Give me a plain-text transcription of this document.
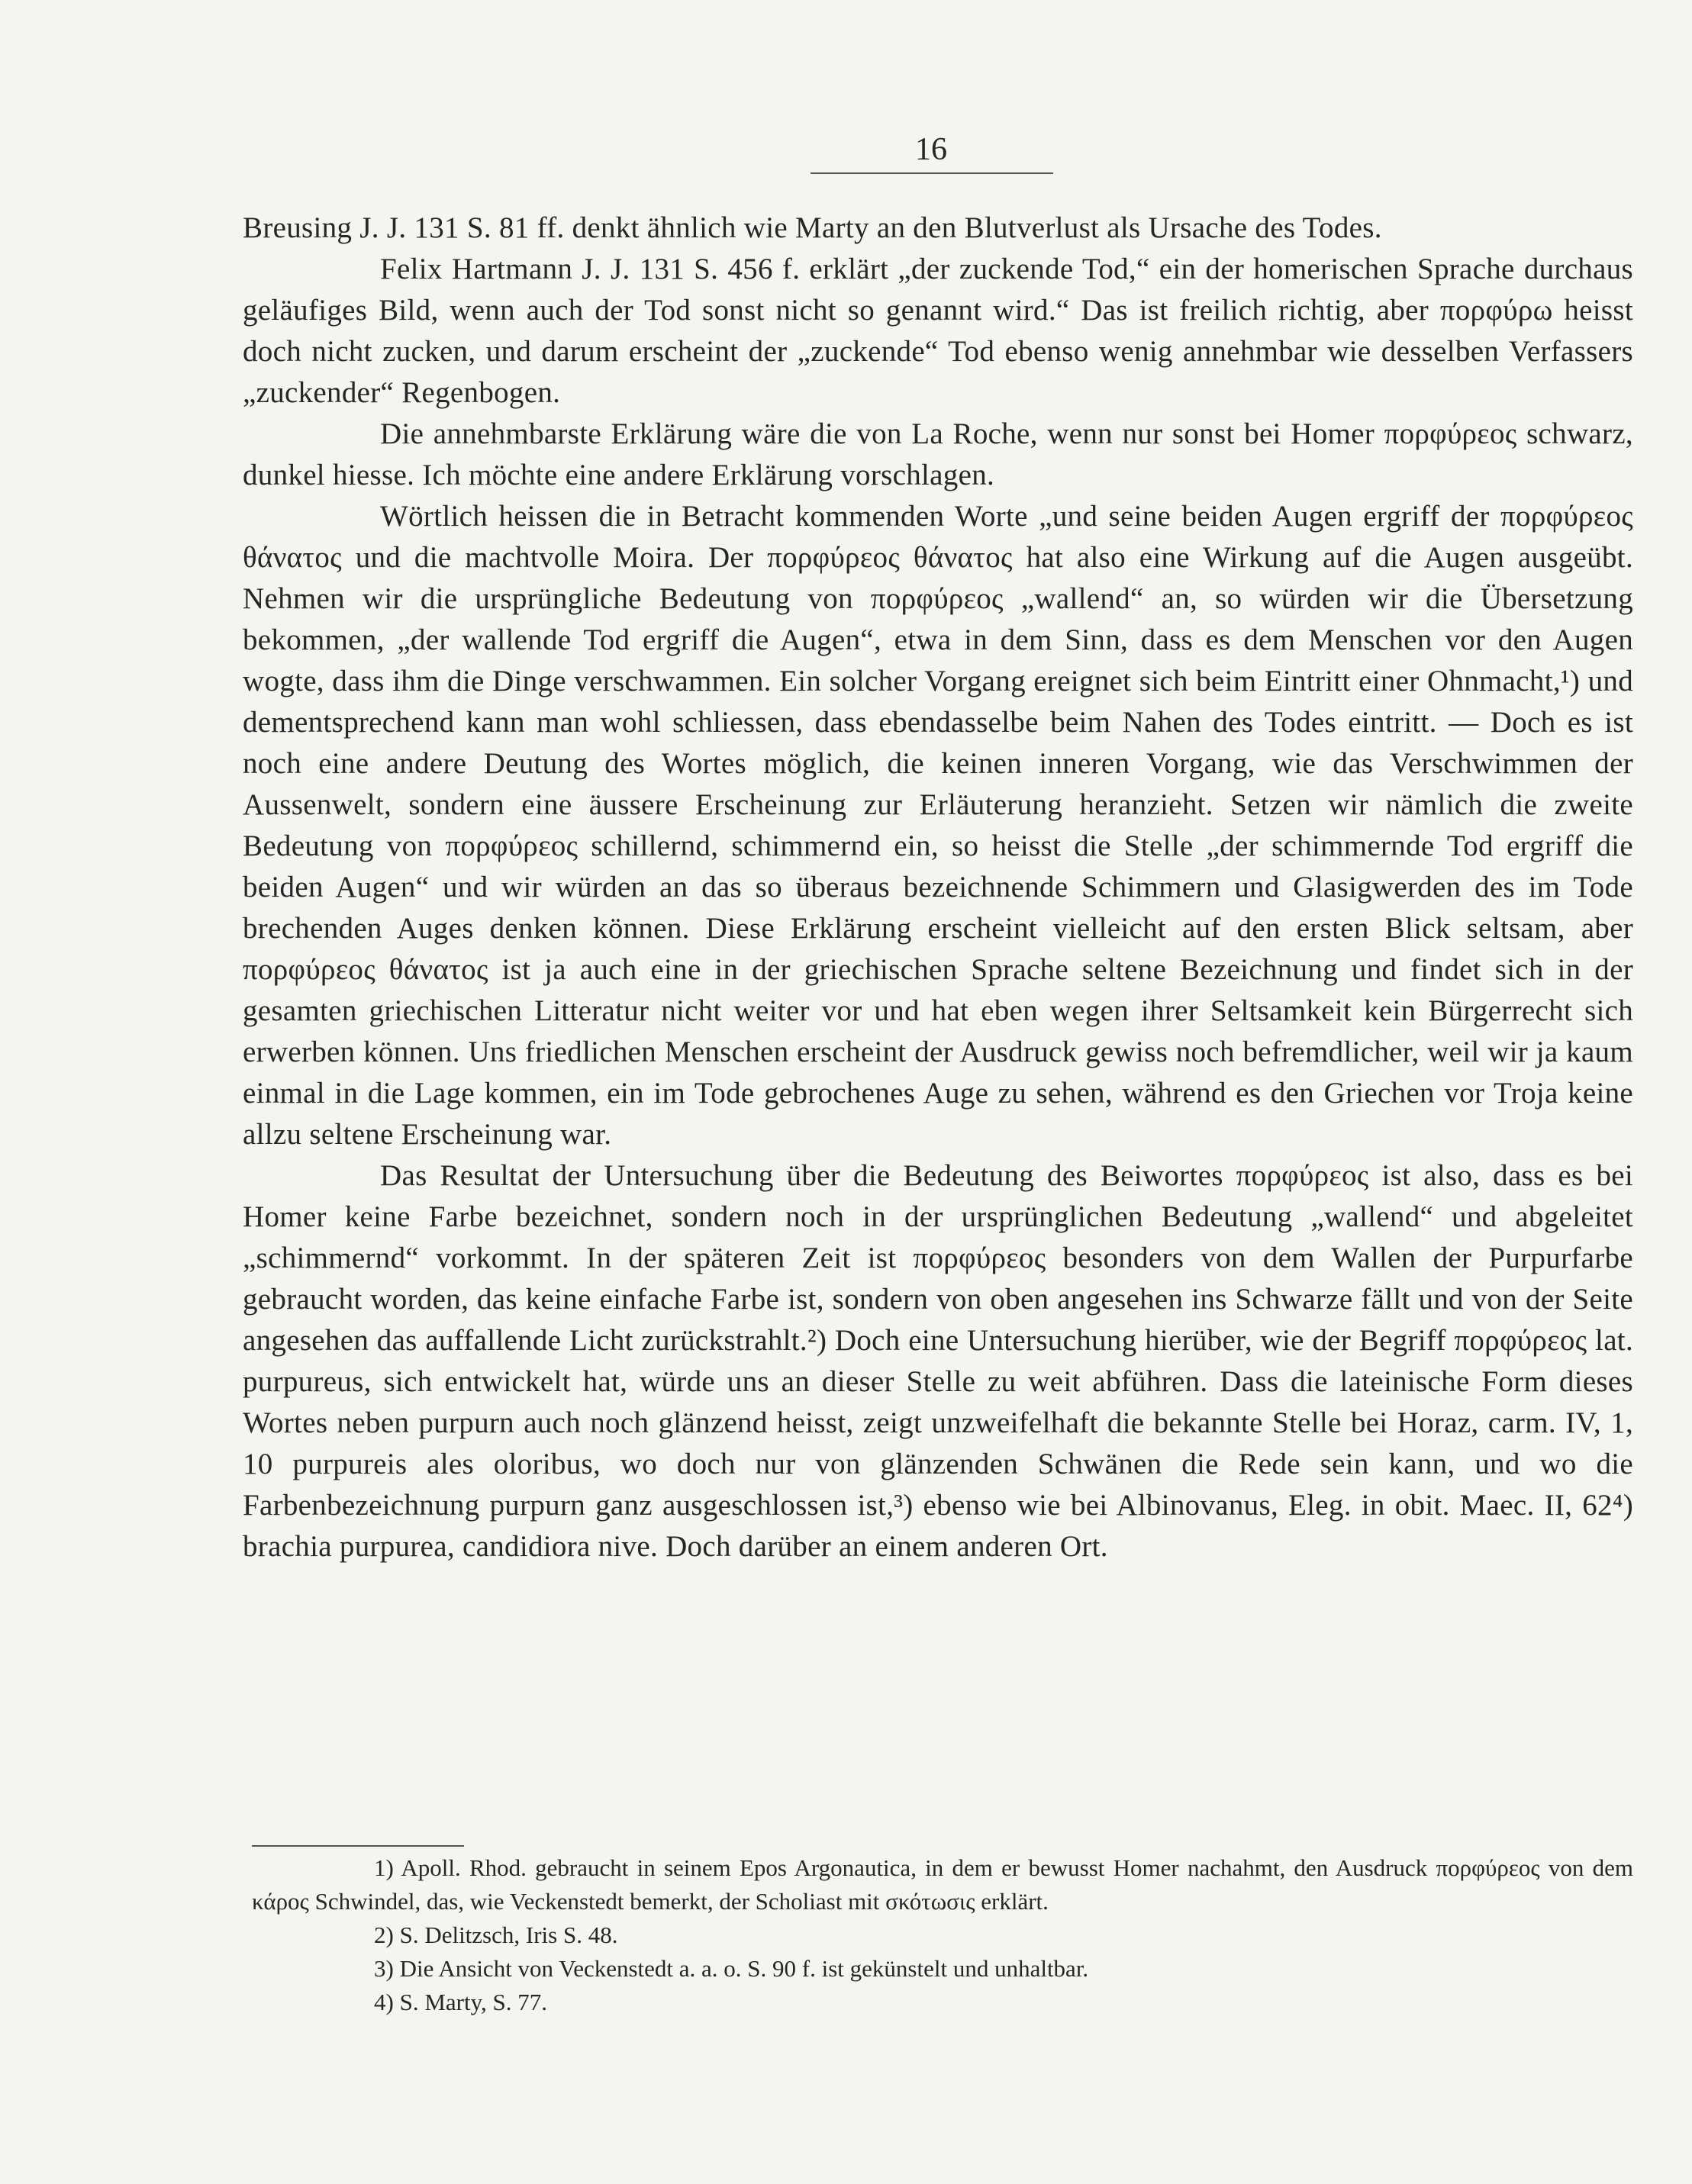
16

Breusing J. J. 131 S. 81 ff. denkt ähnlich wie Marty an den Blutverlust als Ursache des Todes.

Felix Hartmann J. J. 131 S. 456 f. erklärt „der zuckende Tod,“ ein der homerischen Sprache durchaus geläufiges Bild, wenn auch der Tod sonst nicht so genannt wird.“ Das ist freilich richtig, aber πορφύρω heisst doch nicht zucken, und darum erscheint der „zuckende“ Tod ebenso wenig annehmbar wie desselben Verfassers „zuckender“ Regenbogen.

Die annehmbarste Erklärung wäre die von La Roche, wenn nur sonst bei Homer πορφύρεος schwarz, dunkel hiesse. Ich möchte eine andere Erklärung vorschlagen.

Wörtlich heissen die in Betracht kommenden Worte „und seine beiden Augen ergriff der πορφύρεος θάνατος und die machtvolle Moira. Der πορφύρεος θάνατος hat also eine Wirkung auf die Augen ausgeübt. Nehmen wir die ursprüngliche Bedeutung von πορφύρεος „wallend“ an, so würden wir die Übersetzung bekommen, „der wallende Tod ergriff die Augen“, etwa in dem Sinn, dass es dem Menschen vor den Augen wogte, dass ihm die Dinge verschwammen. Ein solcher Vorgang ereignet sich beim Eintritt einer Ohnmacht,¹) und dementsprechend kann man wohl schliessen, dass ebendasselbe beim Nahen des Todes eintritt. — Doch es ist noch eine andere Deutung des Wortes möglich, die keinen inneren Vorgang, wie das Verschwimmen der Aussenwelt, sondern eine äussere Erscheinung zur Erläuterung heranzieht. Setzen wir nämlich die zweite Bedeutung von πορφύρεος schillernd, schimmernd ein, so heisst die Stelle „der schimmernde Tod ergriff die beiden Augen“ und wir würden an das so überaus bezeichnende Schimmern und Glasigwerden des im Tode brechenden Auges denken können. Diese Erklärung erscheint vielleicht auf den ersten Blick seltsam, aber πορφύρεος θάνατος ist ja auch eine in der griechischen Sprache seltene Bezeichnung und findet sich in der gesamten griechischen Litteratur nicht weiter vor und hat eben wegen ihrer Seltsamkeit kein Bürgerrecht sich erwerben können. Uns friedlichen Menschen erscheint der Ausdruck gewiss noch befremdlicher, weil wir ja kaum einmal in die Lage kommen, ein im Tode gebrochenes Auge zu sehen, während es den Griechen vor Troja keine allzu seltene Erscheinung war.

Das Resultat der Untersuchung über die Bedeutung des Beiwortes πορφύρεος ist also, dass es bei Homer keine Farbe bezeichnet, sondern noch in der ursprünglichen Bedeutung „wallend“ und abgeleitet „schimmernd“ vorkommt. In der späteren Zeit ist πορφύρεος besonders von dem Wallen der Purpurfarbe gebraucht worden, das keine einfache Farbe ist, sondern von oben angesehen ins Schwarze fällt und von der Seite angesehen das auffallende Licht zurückstrahlt.²) Doch eine Untersuchung hierüber, wie der Begriff πορφύρεος lat. purpureus, sich entwickelt hat, würde uns an dieser Stelle zu weit abführen. Dass die lateinische Form dieses Wortes neben purpurn auch noch glänzend heisst, zeigt unzweifelhaft die bekannte Stelle bei Horaz, carm. IV, 1, 10 purpureis ales oloribus, wo doch nur von glänzenden Schwänen die Rede sein kann, und wo die Farbenbezeichnung purpurn ganz ausgeschlossen ist,³) ebenso wie bei Albinovanus, Eleg. in obit. Maec. II, 62⁴) brachia purpurea, candidiora nive. Doch darüber an einem anderen Ort.

1) Apoll. Rhod. gebraucht in seinem Epos Argonautica, in dem er bewusst Homer nachahmt, den Ausdruck πορφύρεος von dem κάρος Schwindel, das, wie Veckenstedt bemerkt, der Scholiast mit σκότωσις erklärt.

2) S. Delitzsch, Iris S. 48.

3) Die Ansicht von Veckenstedt a. a. o. S. 90 f. ist gekünstelt und unhaltbar.

4) S. Marty, S. 77.
